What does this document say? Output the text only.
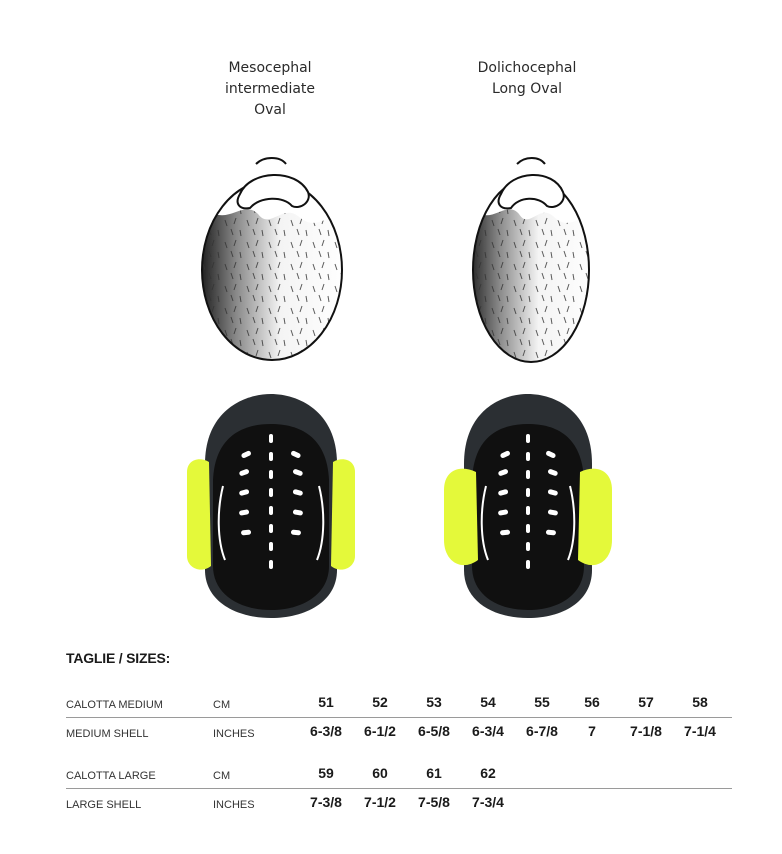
Mesocephal
intermediate
Oval
Dolichocephal
Long Oval
TAGLIE / SIZES:
CALOTTA MEDIUM	CM	51	52	53	54	55	56	57	58
MEDIUM SHELL	INCHES	6-3/8	6-1/2	6-5/8	6-3/4	6-7/8	7	7-1/8	7-1/4
CALOTTA LARGE	CM	59	60	61	62
LARGE SHELL	INCHES	7-3/8	7-1/2	7-5/8	7-3/4
